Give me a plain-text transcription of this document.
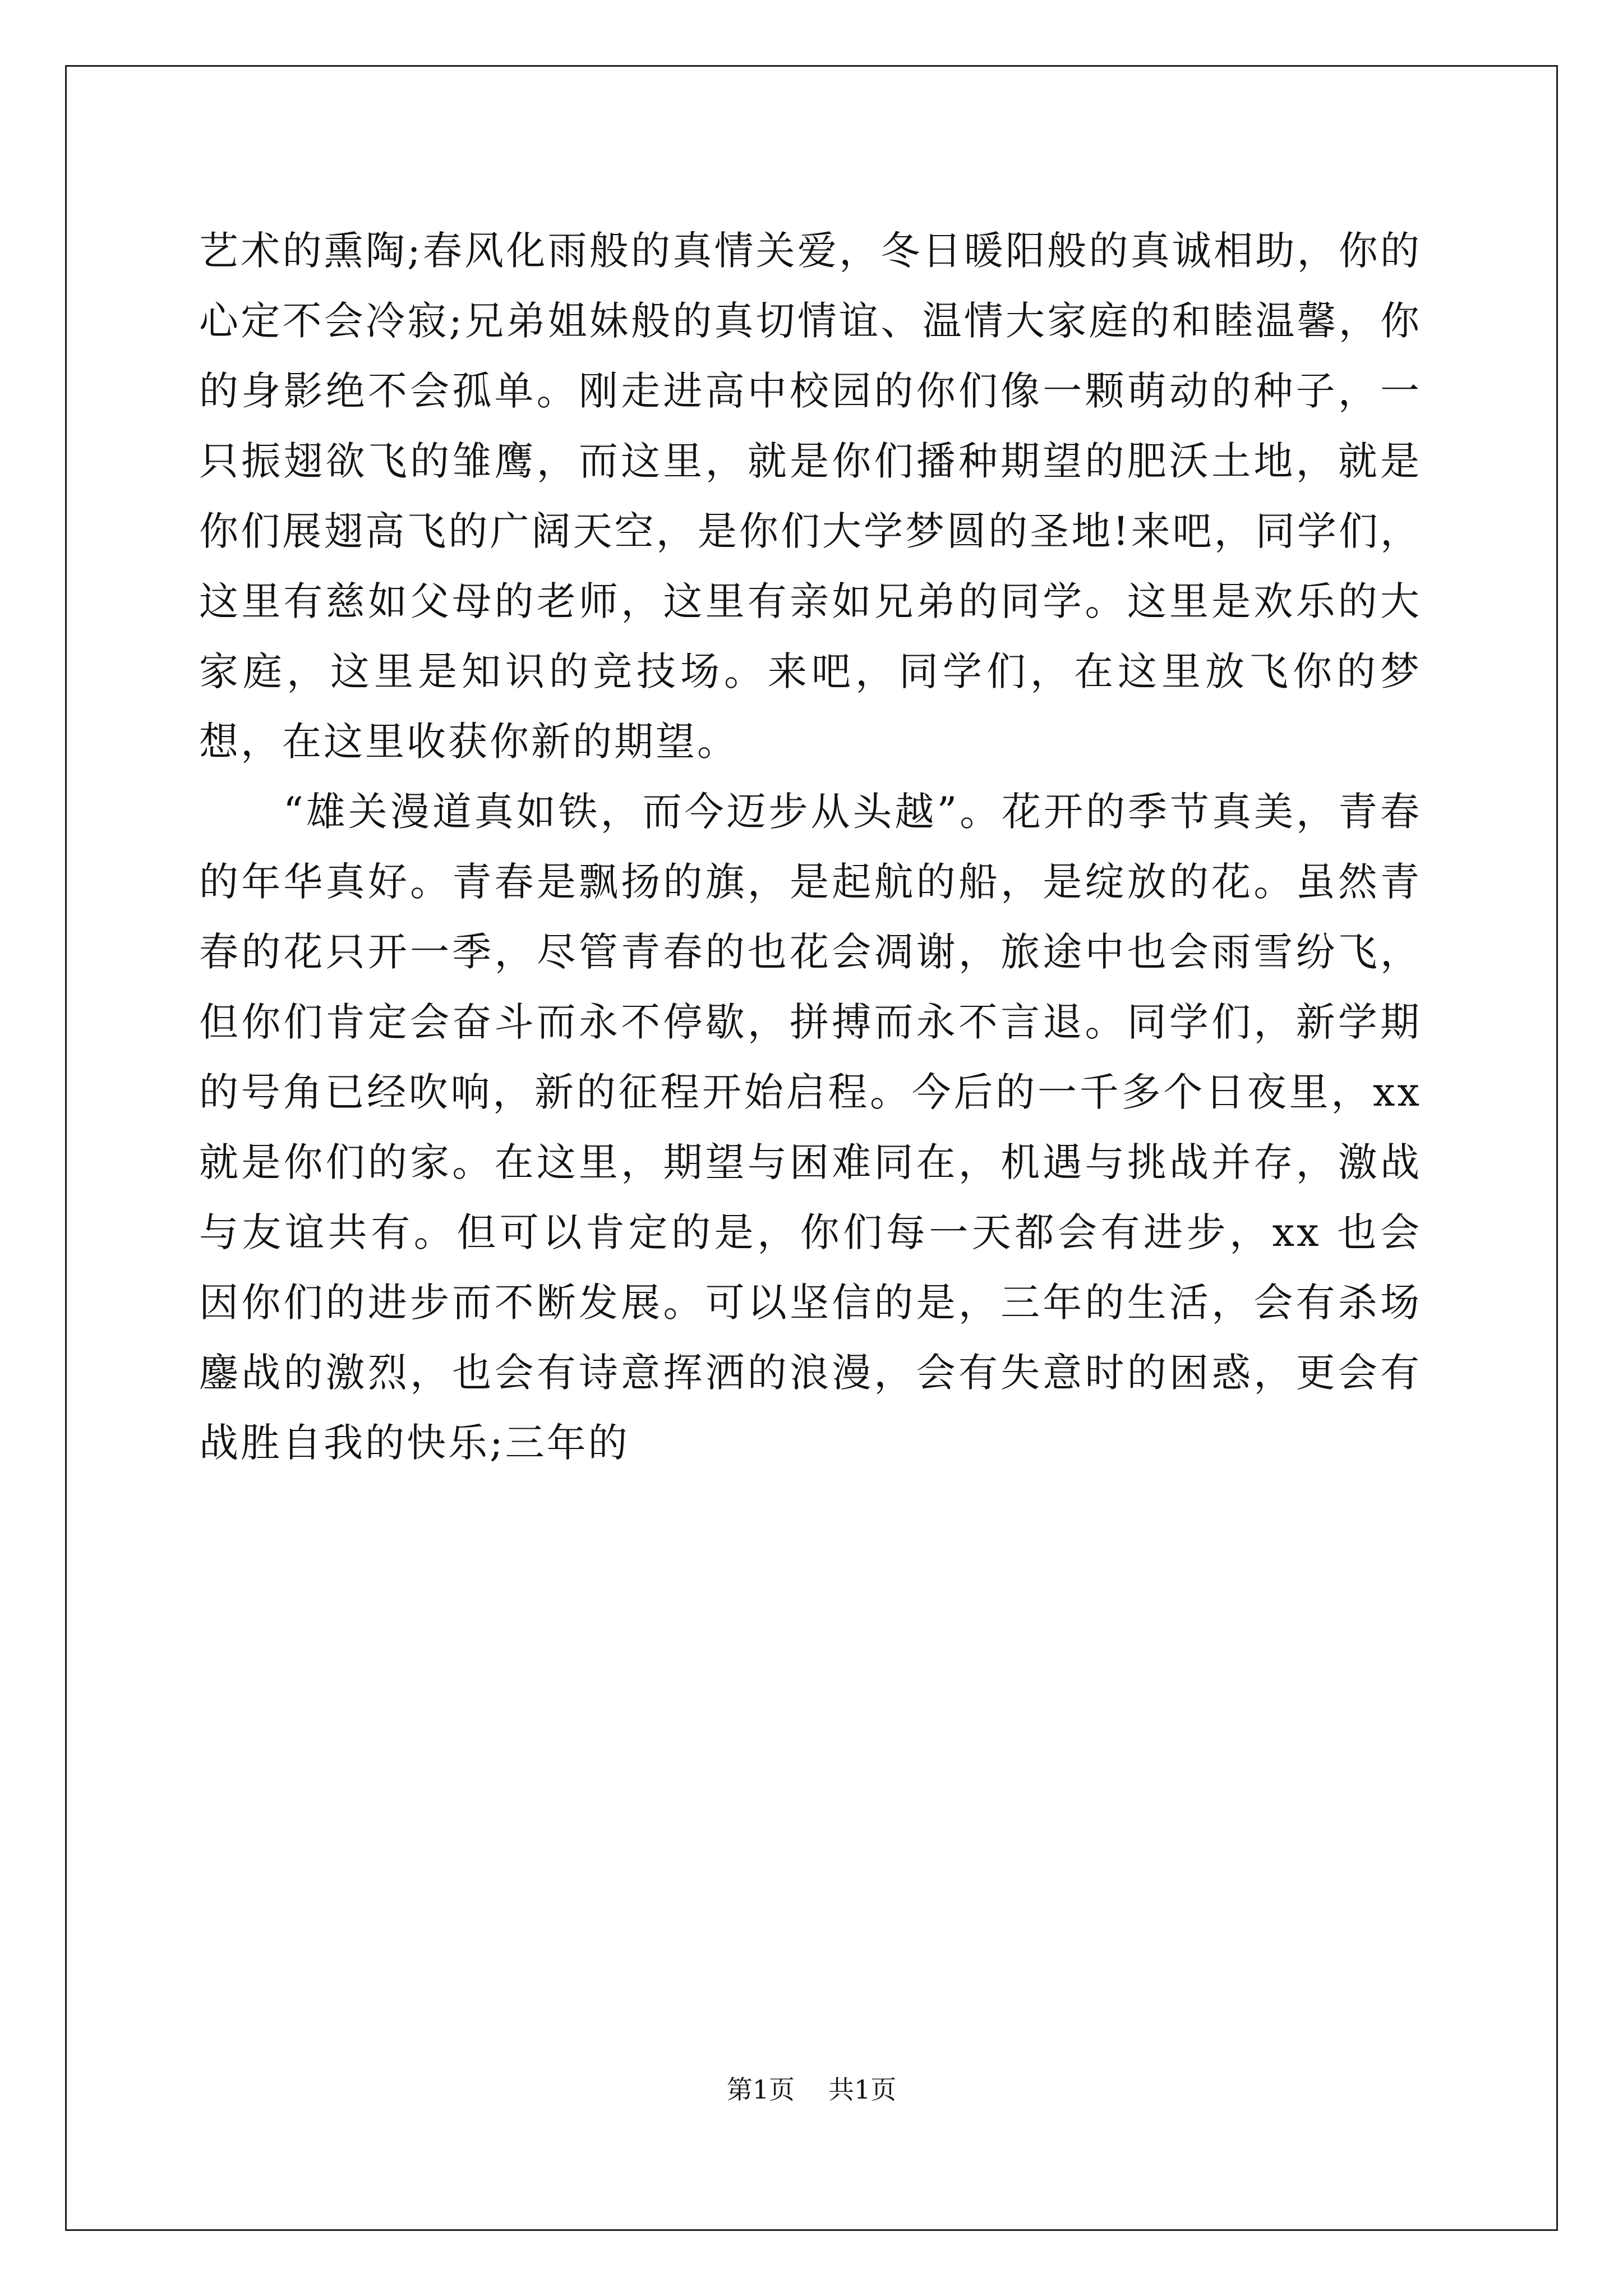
艺术的熏陶;春风化雨般的真情关爱，冬日暖阳般的真诚相助，你的心定不会冷寂;兄弟姐妹般的真切情谊、温情大家庭的和睦温馨，你的身影绝不会孤单。刚走进高中校园的你们像一颗萌动的种子，一只振翅欲飞的雏鹰，而这里，就是你们播种期望的肥沃土地，就是你们展翅高飞的广阔天空，是你们大学梦圆的圣地!来吧，同学们，这里有慈如父母的老师，这里有亲如兄弟的同学。这里是欢乐的大家庭，这里是知识的竞技场。来吧，同学们，在这里放飞你的梦想，在这里收获你新的期望。

“雄关漫道真如铁，而今迈步从头越”。花开的季节真美，青春的年华真好。青春是飘扬的旗，是起航的船，是绽放的花。虽然青春的花只开一季，尽管青春的也花会凋谢，旅途中也会雨雪纷飞，但你们肯定会奋斗而永不停歇，拼搏而永不言退。同学们，新学期的号角已经吹响，新的征程开始启程。今后的一千多个日夜里，xx 就是你们的家。在这里，期望与困难同在，机遇与挑战并存，激战与友谊共有。但可以肯定的是，你们每一天都会有进步，xx 也会因你们的进步而不断发展。可以坚信的是，三年的生活，会有杀场鏖战的激烈，也会有诗意挥洒的浪漫，会有失意时的困惑，更会有战胜自我的快乐;三年的

第1页 共1页
